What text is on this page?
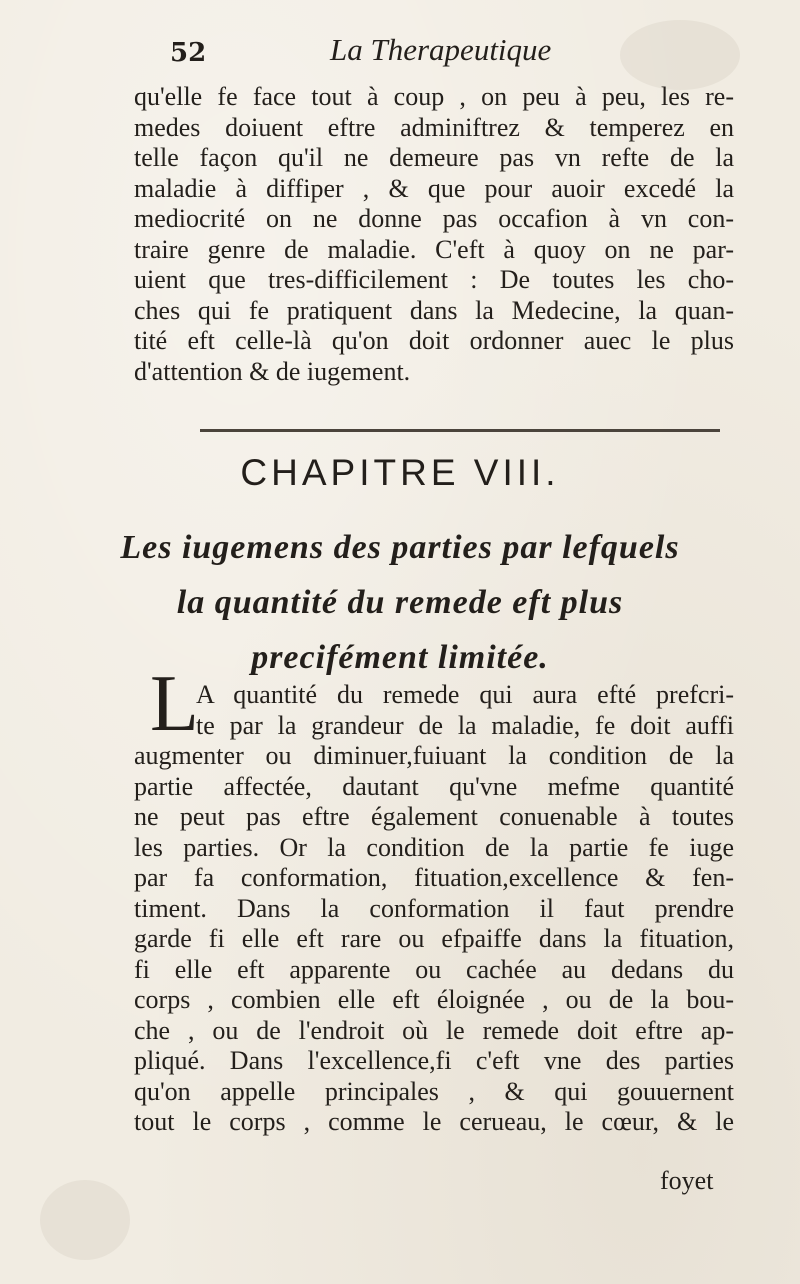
52	La Therapeutique
qu'elle fe face tout à coup , on peu à peu, les re-
medes doiuent eftre adminiftrez & temperez en
telle façon qu'il ne demeure pas vn refte de la
maladie à diffiper , & que pour auoir excedé la
mediocrité on ne donne pas occafion à vn con-
traire genre de maladie. C'eft à quoy on ne par-
uient que tres-difficilement : De toutes les cho-
ches qui fe pratiquent dans la Medecine, la quan-
tité eft celle-là qu'on doit ordonner auec le plus
d'attention & de iugement.
CHAPITRE VIII.
Les iugemens des parties par lefquels
la quantité du remede eft plus
precifément limitée.
L
A quantité du remede qui aura efté prefcri-
te par la grandeur de la maladie, fe doit auffi
augmenter ou diminuer,fuiuant la condition de la
partie affectée, dautant qu'vne mefme quantité
ne peut pas eftre également conuenable à toutes
les parties. Or la condition de la partie fe iuge
par fa conformation, fituation,excellence & fen-
timent. Dans la conformation il faut prendre
garde fi elle eft rare ou efpaiffe dans la fituation,
fi elle eft apparente ou cachée au dedans du
corps , combien elle eft éloignée , ou de la bou-
che , ou de l'endroit où le remede doit eftre ap-
pliqué. Dans l'excellence,fi c'eft vne des parties
qu'on appelle principales , & qui gouuernent
tout le corps , comme le cerueau, le cœur, & le
foyet
